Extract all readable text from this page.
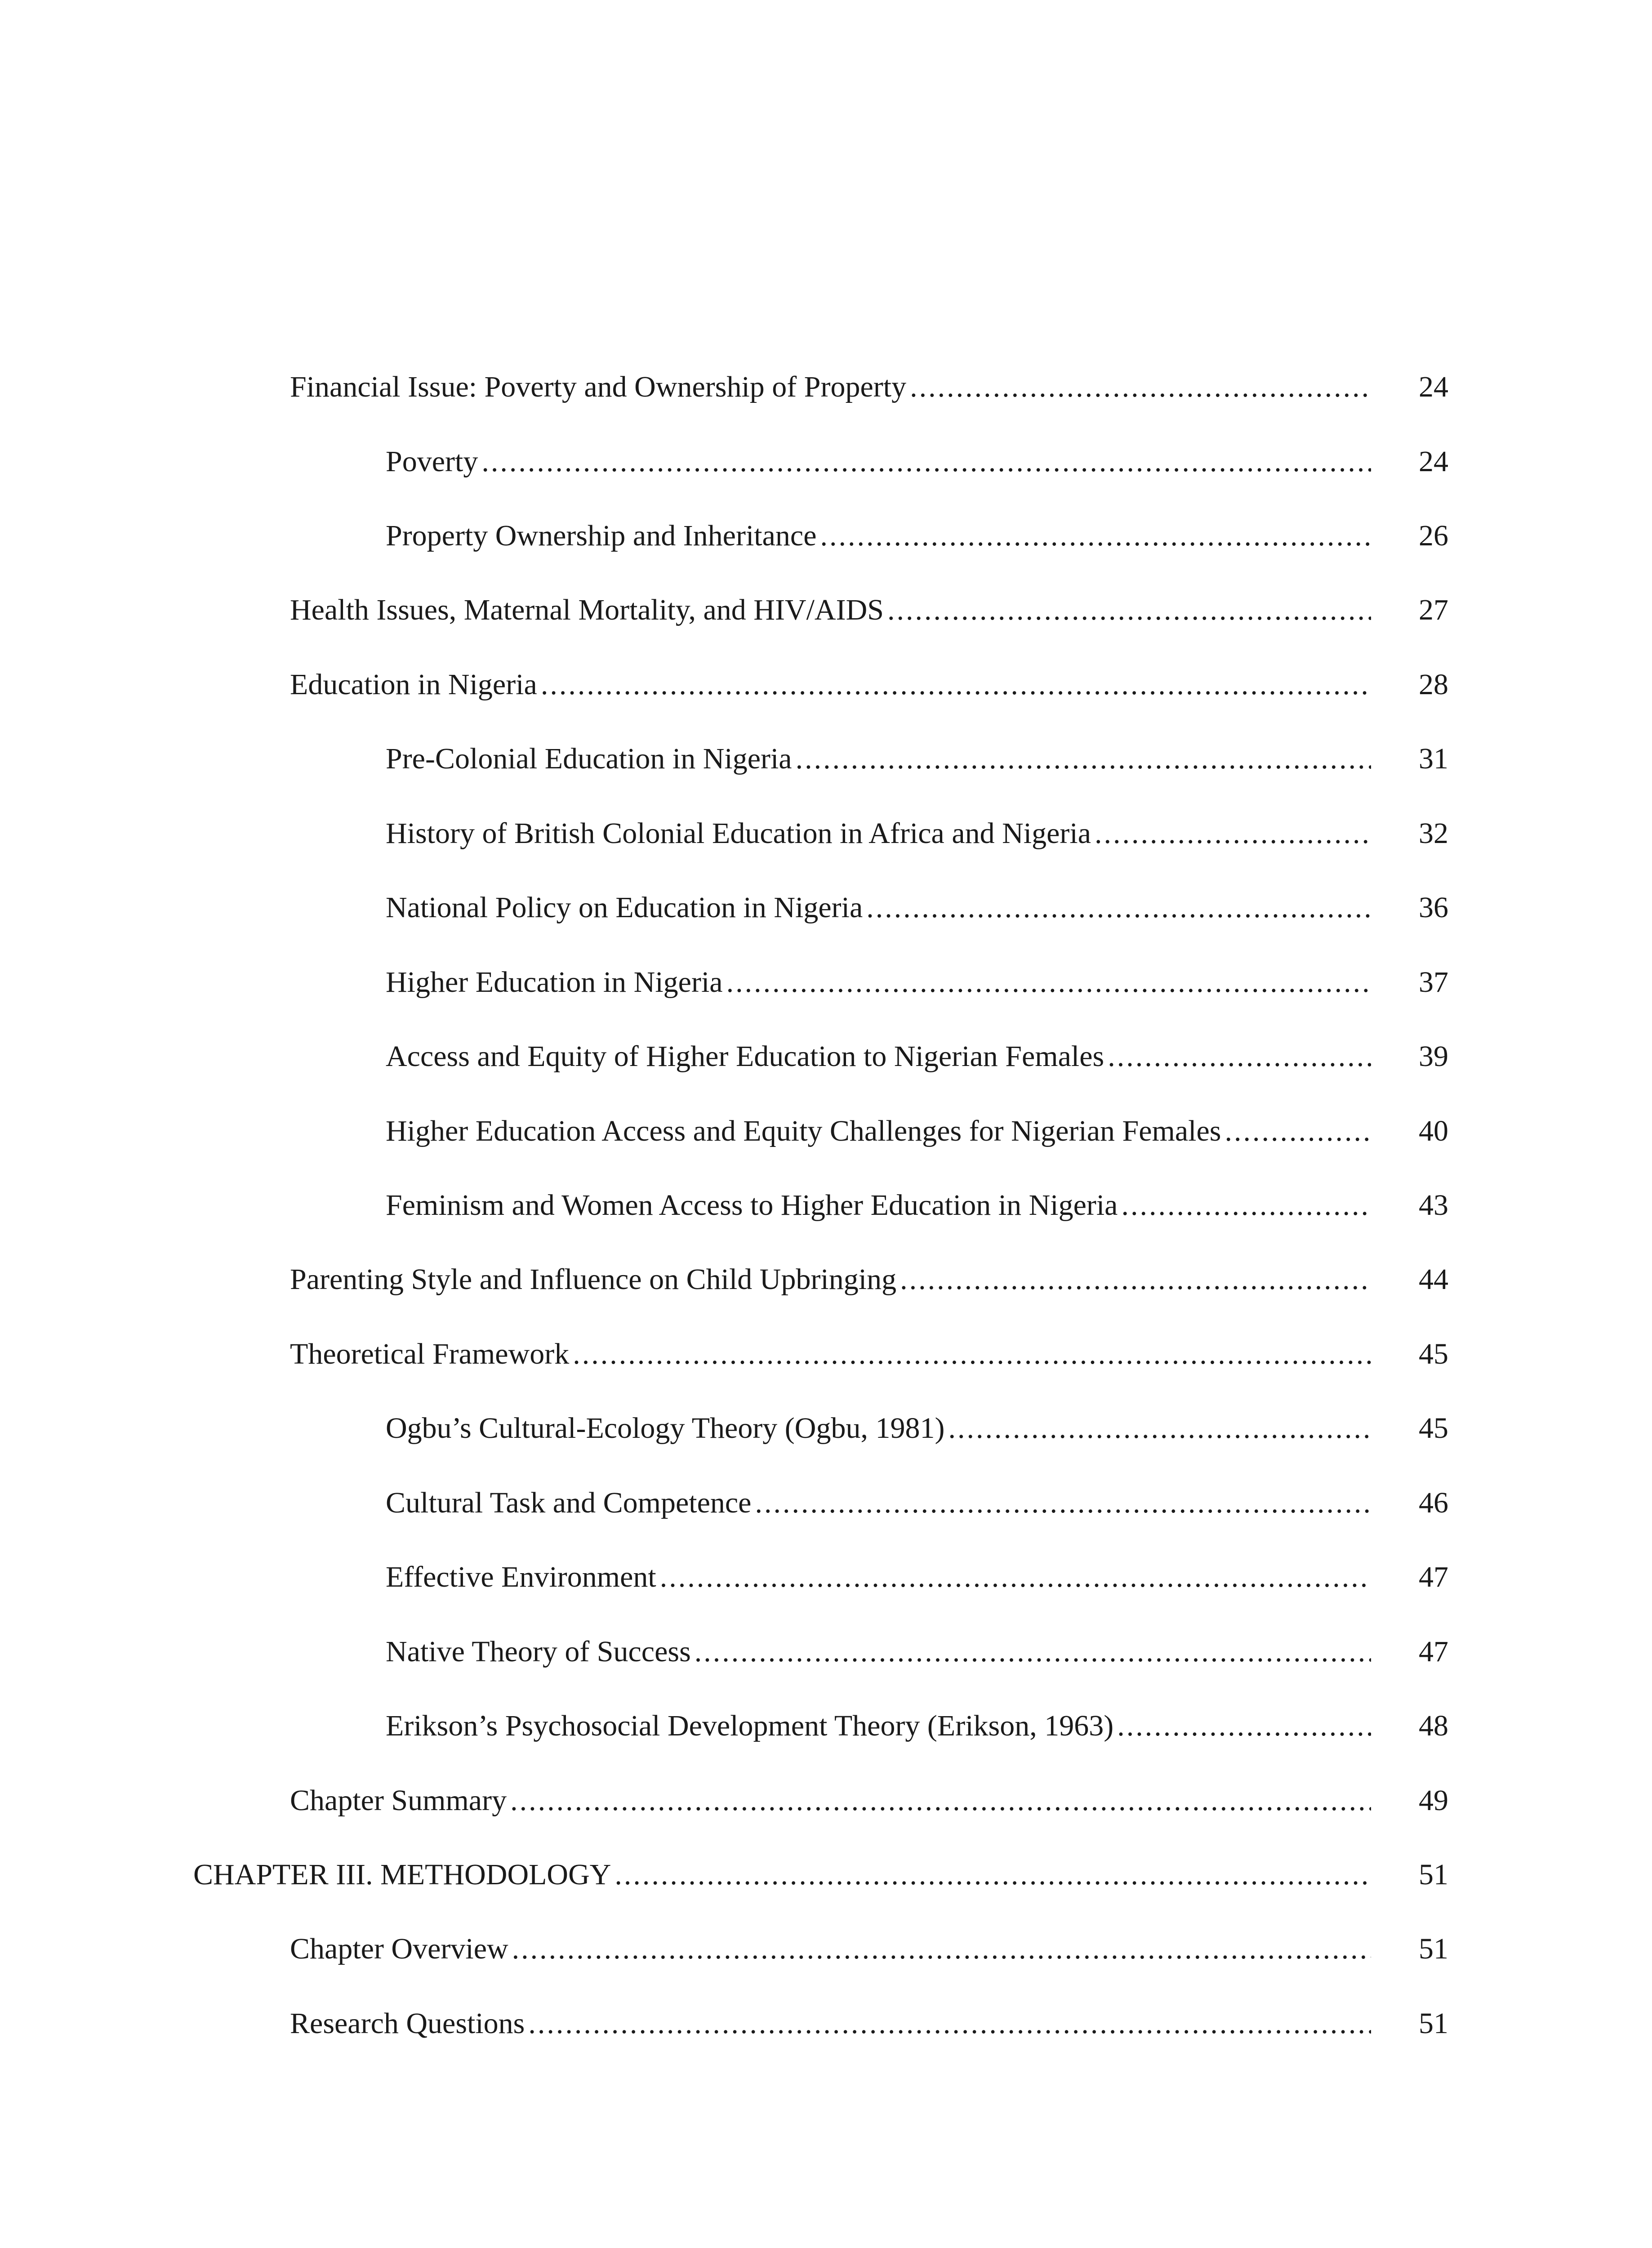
Financial Issue: Poverty and Ownership of Property .....	24
Poverty .....	24
Property Ownership and Inheritance .....	26
Health Issues, Maternal Mortality, and HIV/AIDS .....	27
Education in Nigeria .....	28
Pre-Colonial Education in Nigeria .....	31
History of British Colonial Education in Africa and Nigeria .....	32
National Policy on Education in Nigeria .....	36
Higher Education in Nigeria .....	37
Access and Equity of Higher Education to Nigerian Females .....	39
Higher Education Access and Equity Challenges for Nigerian Females .....	40
Feminism and Women Access to Higher Education in Nigeria .....	43
Parenting Style and Influence on Child Upbringing .....	44
Theoretical Framework .....	45
Ogbu’s Cultural-Ecology Theory (Ogbu, 1981) .....	45
Cultural Task and Competence .....	46
Effective Environment .....	47
Native Theory of Success .....	47
Erikson’s Psychosocial Development Theory (Erikson, 1963) .....	48
Chapter Summary .....	49
CHAPTER III. METHODOLOGY .....	51
Chapter Overview .....	51
Research Questions .....	51
